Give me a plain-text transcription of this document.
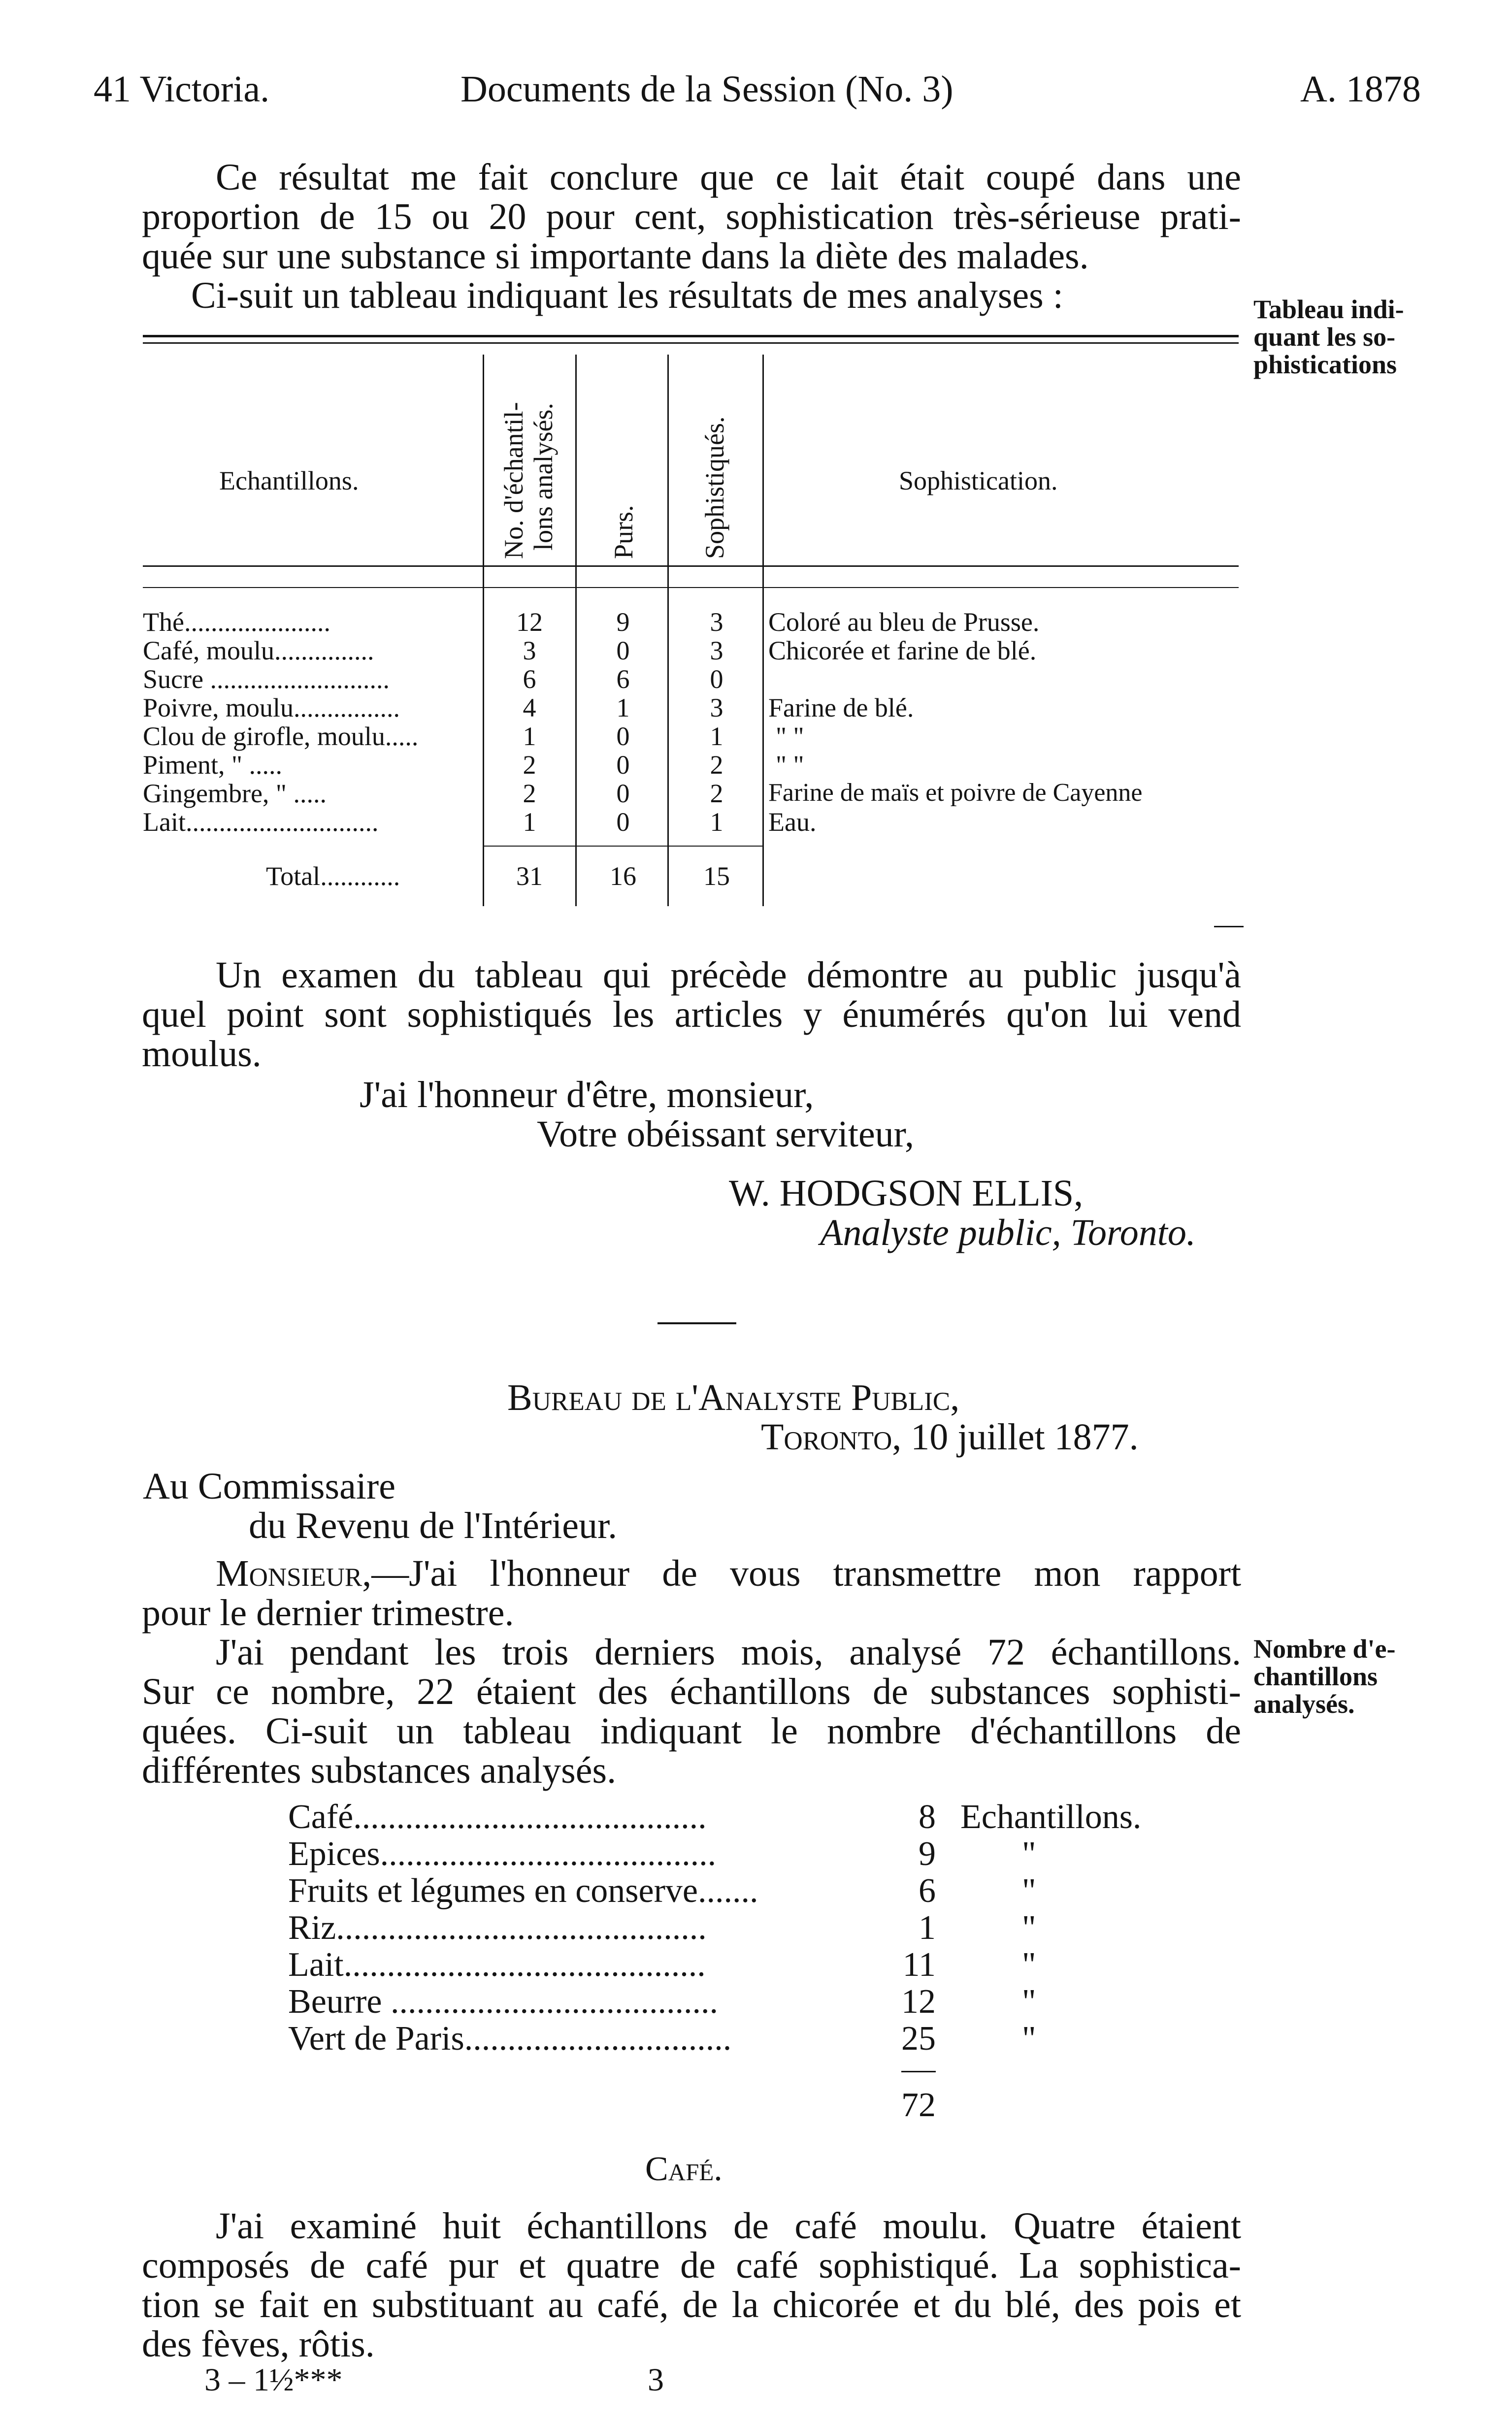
41 Victoria.	Documents de la Session (No. 3)	A. 1878
Ce résultat me fait conclure que ce lait était coupé dans une
proportion de 15 ou 20 pour cent, sophistication très-sérieuse prati-
quée sur une substance si importante dans la diète des malades.
Ci-suit un tableau indiquant les résultats de mes analyses :	Tableau indi-
quant les so-
phistications
Echantillons.	No. d'échantil- lons analysés. Purs. Sophistiqués.	Sophistication.
Thé......................	12	9	3	Coloré au bleu de Prusse.
Café, moulu...............	3	0	3	Chicorée et farine de blé.
Sucre ...........................	6	6	0
Poivre, moulu................	4	1	3	Farine de blé.
Clou de girofle, moulu.....	1	0	1	" "
Piment, " .....	2	0	2	" "
Gingembre, " .....	2	0	2	Farine de maïs et poivre de Cayenne
Lait.............................	1	0	1	Eau.
Total............	31	16	15
Un examen du tableau qui précède démontre au public jusqu'à
quel point sont sophistiqués les articles y énumérés qu'on lui vend
moulus.
J'ai l'honneur d'être, monsieur,
Votre obéissant serviteur,
W. HODGSON ELLIS,
Analyste public, Toronto.
Bureau de l'Analyste Public,
Toronto, 10 juillet 1877.
Au Commissaire
du Revenu de l'Intérieur.
Monsieur,—J'ai l'honneur de vous transmettre mon rapport
pour le dernier trimestre.
J'ai pendant les trois derniers mois, analysé 72 échantillons.
Sur ce nombre, 22 étaient des échantillons de substances sophisti-
quées. Ci-suit un tableau indiquant le nombre d'échantillons de
différentes substances analysés.
Nombre d'e-
chantillons
analysés.
Café.........................................	8 Echantillons.
Epices.......................................	9	"
Fruits et légumes en conserve.......	6	"
Riz...........................................	1	"
Lait..........................................	11	"
Beurre ......................................	12	"
Vert de Paris...............................	25	"
72
Café.
J'ai examiné huit échantillons de café moulu. Quatre étaient
composés de café pur et quatre de café sophistiqué. La sophistica-
tion se fait en substituant au café, de la chicorée et du blé, des pois et
des fèves, rôtis.
3 – 1½***	3
